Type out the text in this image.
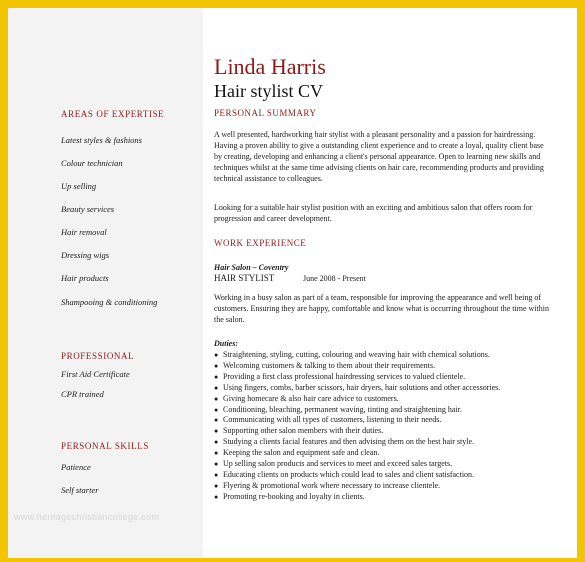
AREAS OF EXPERTISE
Latest styles & fashions
Colour technician
Up selling
Beauty services
Hair removal
Dressing wigs
Hair products
Shampooing & conditioning
PROFESSIONAL
First Aid Certificate
CPR trained
PERSONAL SKILLS
Patience
Self starter
www.heritagechristiancollege.com
Linda Harris
Hair stylist CV
PERSONAL SUMMARY

A well presented, hardworking hair stylist with a pleasant personality and a passion for hairdressing. Having a proven ability to give a outstanding client experience and to create a loyal, quality client base by creating, developing and enhancing a client's personal appearance. Open to learning new skills and techniques whilst at the same time advising clients on hair care, recommending products and providing technical assistance to colleagues.

Looking for a suitable hair stylist position with an exciting and ambitious salon that offers room for progression and career development.

WORK EXPERIENCE
Hair Salon – Coventry
HAIR STYLIST	June 2008 - Present

Working in a busy salon as part of a team, responsible for improving the appearance and well being of customers. Ensuring they are happy, comfortable and know what is occurring throughout the time within the salon.

Duties:
● Straightening, styling, cutting, colouring and weaving hair with chemical solutions.
● Welcoming customers & talking to them about their requirements.
● Providing a first class professional hairdressing services to valued clientele.
● Using fingers, combs, barber scissors, hair dryers, hair solutions and other accessories.
● Giving homecare & also hair care advice to customers.
● Conditioning, bleaching, permanent waving, tinting and straightening hair.
● Communicating with all types of customers, listening to their needs.
● Supporting other salon members with their duties.
● Studying a clients facial features and then advising them on the best hair style.
● Keeping the salon and equipment safe and clean.
● Up selling salon products and services to meet and exceed sales targets.
● Educating clients on products which could lead to sales and client satisfaction.
● Flyering & promotional work where necessary to increase clientele.
● Promoting re-booking and loyalty in clients.
